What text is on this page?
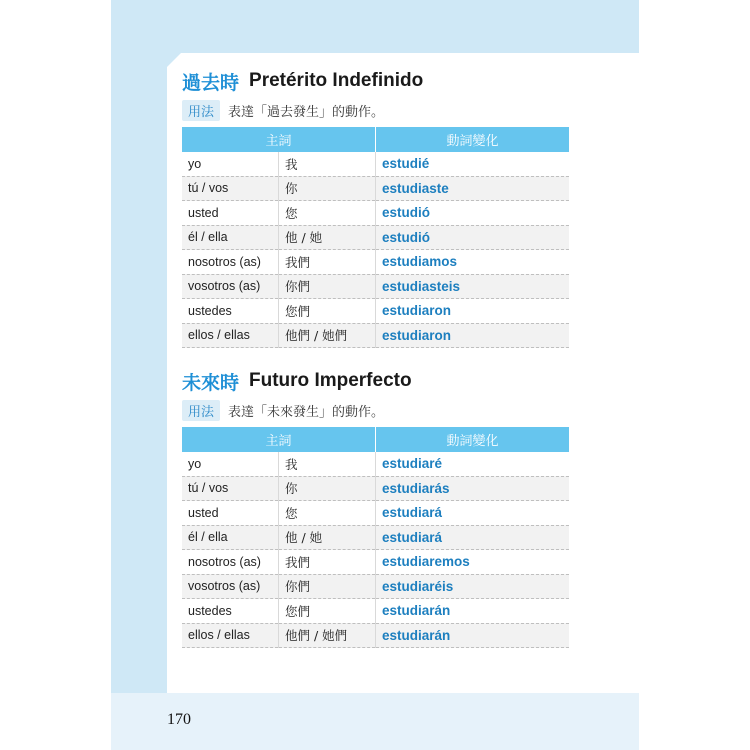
過去時 Pretérito Indefinido
用法	表達「過去發生」的動作。
主詞		動詞變化
yo	我	estudié
tú / vos	你	estudiaste
usted	您	estudió
él / ella	他 / 她	estudió
nosotros (as)	我們	estudiamos
vosotros (as)	你們	estudiasteis
ustedes	您們	estudiaron
ellos / ellas	他們 / 她們	estudiaron
未來時 Futuro Imperfecto
用法	表達「未來發生」的動作。
主詞		動詞變化
yo	我	estudiaré
tú / vos	你	estudiarás
usted	您	estudiará
él / ella	他 / 她	estudiará
nosotros (as)	我們	estudiaremos
vosotros (as)	你們	estudiaréis
ustedes	您們	estudiarán
ellos / ellas	他們 / 她們	estudiarán
170
